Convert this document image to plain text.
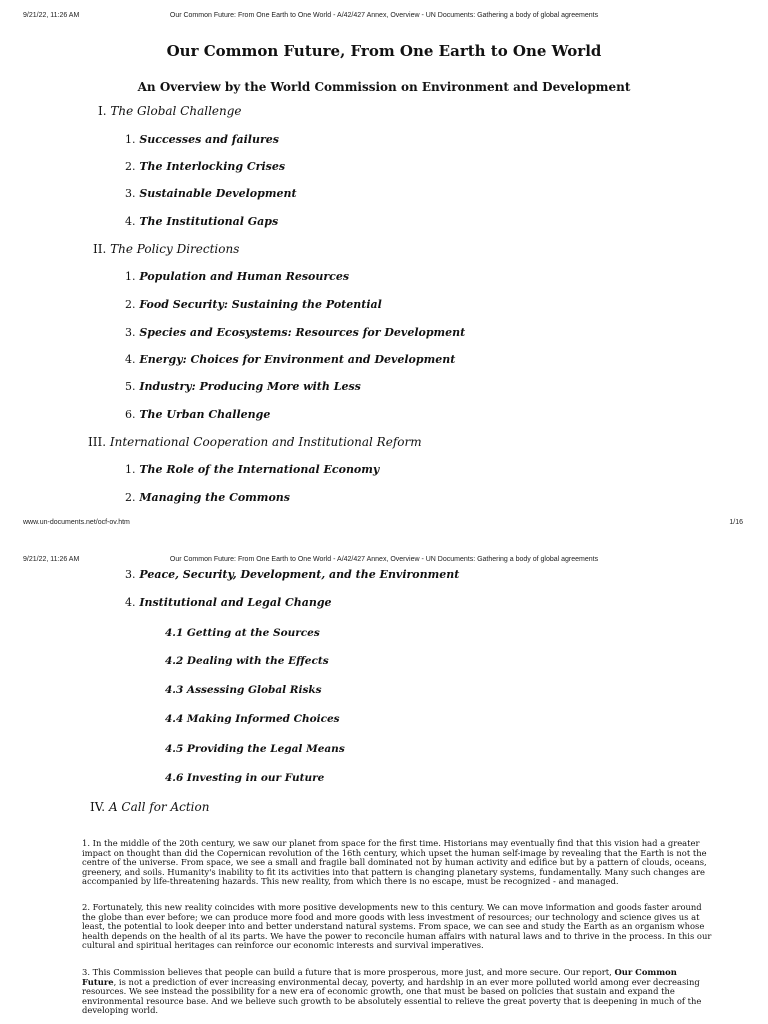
9/21/22, 11:26 AM	Our Common Future: From One Earth to One World - A/42/427 Annex, Overview - UN Documents: Gathering a body of global agreements
Our Common Future, From One Earth to One World
An Overview by the World Commission on Environment and Development
I. The Global Challenge
1. Successes and failures
2. The Interlocking Crises
3. Sustainable Development
4. The Institutional Gaps
II. The Policy Directions
1. Population and Human Resources
2. Food Security: Sustaining the Potential
3. Species and Ecosystems: Resources for Development
4. Energy: Choices for Environment and Development
5. Industry: Producing More with Less
6. The Urban Challenge
III. International Cooperation and Institutional Reform
1. The Role of the International Economy
2. Managing the Commons
www.un-documents.net/ocf-ov.htm	1/16
9/21/22, 11:26 AM	Our Common Future: From One Earth to One World - A/42/427 Annex, Overview - UN Documents: Gathering a body of global agreements
3. Peace, Security, Development, and the Environment
4. Institutional and Legal Change
4.1 Getting at the Sources
4.2 Dealing with the Effects
4.3 Assessing Global Risks
4.4 Making Informed Choices
4.5 Providing the Legal Means
4.6 Investing in our Future
IV. A Call for Action
1. In the middle of the 20th century, we saw our planet from space for the first time. Historians may eventually find that this vision had a greater impact on thought than did the Copernican revolution of the 16th century, which upset the human self-image by revealing that the Earth is not the centre of the universe. From space, we see a small and fragile ball dominated not by human activity and edifice but by a pattern of clouds, oceans, greenery, and soils. Humanity's inability to fit its activities into that pattern is changing planetary systems, fundamentally. Many such changes are accompanied by life-threatening hazards. This new reality, from which there is no escape, must be recognized - and managed.
2. Fortunately, this new reality coincides with more positive developments new to this century. We can move information and goods faster around the globe than ever before; we can produce more food and more goods with less investment of resources; our technology and science gives us at least, the potential to look deeper into and better understand natural systems. From space, we can see and study the Earth as an organism whose health depends on the health of al its parts. We have the power to reconcile human affairs with natural laws and to thrive in the process. In this our cultural and spiritual heritages can reinforce our economic interests and survival imperatives.
3. This Commission believes that people can build a future that is more prosperous, more just, and more secure. Our report, Our Common Future, is not a prediction of ever increasing environmental decay, poverty, and hardship in an ever more polluted world among ever decreasing resources. We see instead the possibility for a new era of economic growth, one that must be based on policies that sustain and expand the environmental resource base. And we believe such growth to be absolutely essential to relieve the great poverty that is deepening in much of the developing world.
